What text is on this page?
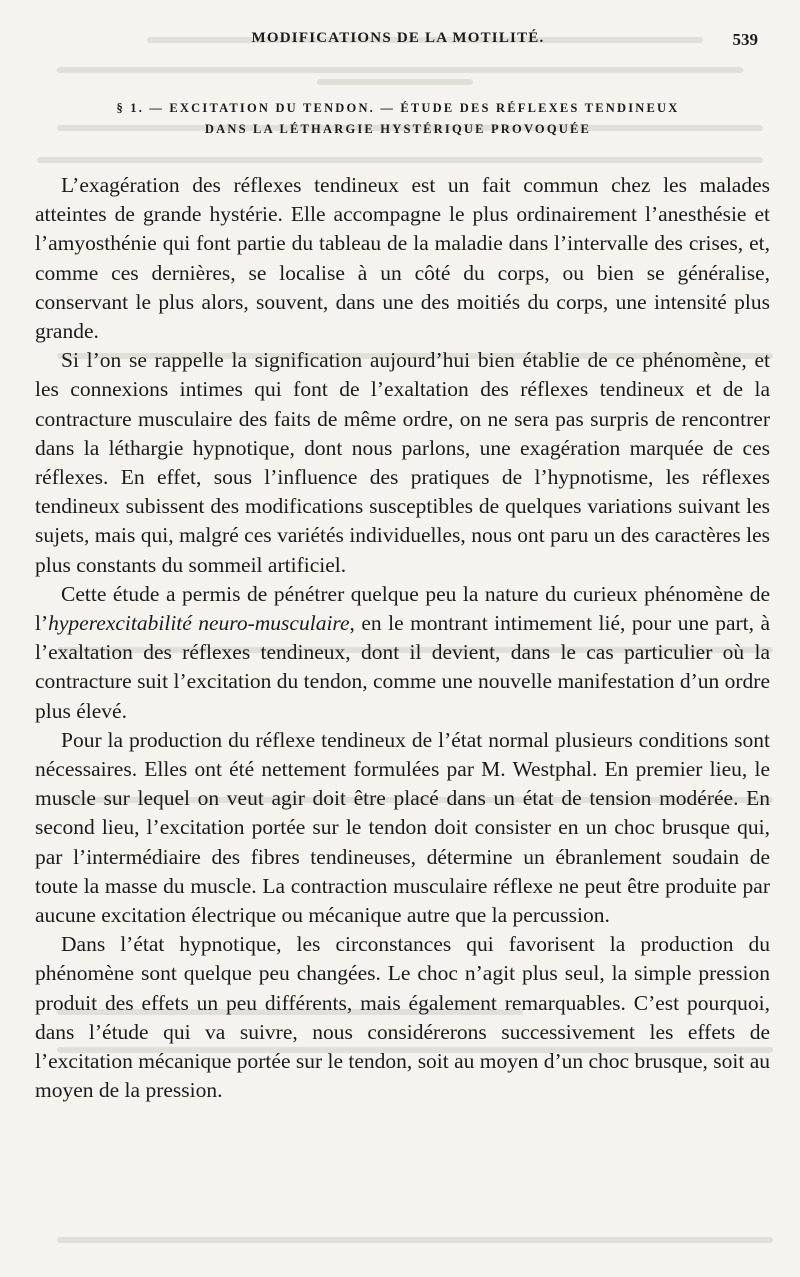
MODIFICATIONS DE LA MOTILITÉ.	539
§ 1. — EXCITATION DU TENDON. — ÉTUDE DES RÉFLEXES TENDINEUX
DANS LA LÉTHARGIE HYSTÉRIQUE PROVOQUÉE

L’exagération des réflexes tendineux est un fait commun chez les malades atteintes de grande hystérie. Elle accompagne le plus ordinairement l’anesthésie et l’amyosthénie qui font partie du tableau de la maladie dans l’intervalle des crises, et, comme ces dernières, se localise à un côté du corps, ou bien se généralise, conservant le plus alors, souvent, dans une des moitiés du corps, une intensité plus grande.

Si l’on se rappelle la signification aujourd’hui bien établie de ce phénomène, et les connexions intimes qui font de l’exaltation des réflexes tendineux et de la contracture musculaire des faits de même ordre, on ne sera pas surpris de rencontrer dans la léthargie hypnotique, dont nous parlons, une exagération marquée de ces réflexes. En effet, sous l’influence des pratiques de l’hypnotisme, les réflexes tendineux subissent des modifications susceptibles de quelques variations suivant les sujets, mais qui, malgré ces variétés individuelles, nous ont paru un des caractères les plus constants du sommeil artificiel.

Cette étude a permis de pénétrer quelque peu la nature du curieux phénomène de l’hyperexcitabilité neuro-musculaire, en le montrant intimement lié, pour une part, à l’exaltation des réflexes tendineux, dont il devient, dans le cas particulier où la contracture suit l’excitation du tendon, comme une nouvelle manifestation d’un ordre plus élevé.

Pour la production du réflexe tendineux de l’état normal plusieurs conditions sont nécessaires. Elles ont été nettement formulées par M. Westphal. En premier lieu, le muscle sur lequel on veut agir doit être placé dans un état de tension modérée. En second lieu, l’excitation portée sur le tendon doit consister en un choc brusque qui, par l’intermédiaire des fibres tendineuses, détermine un ébranlement soudain de toute la masse du muscle. La contraction musculaire réflexe ne peut être produite par aucune excitation électrique ou mécanique autre que la percussion.

Dans l’état hypnotique, les circonstances qui favorisent la production du phénomène sont quelque peu changées. Le choc n’agit plus seul, la simple pression produit des effets un peu différents, mais également remarquables. C’est pourquoi, dans l’étude qui va suivre, nous considérerons successivement les effets de l’excitation mécanique portée sur le tendon, soit au moyen d’un choc brusque, soit au moyen de la pression.
